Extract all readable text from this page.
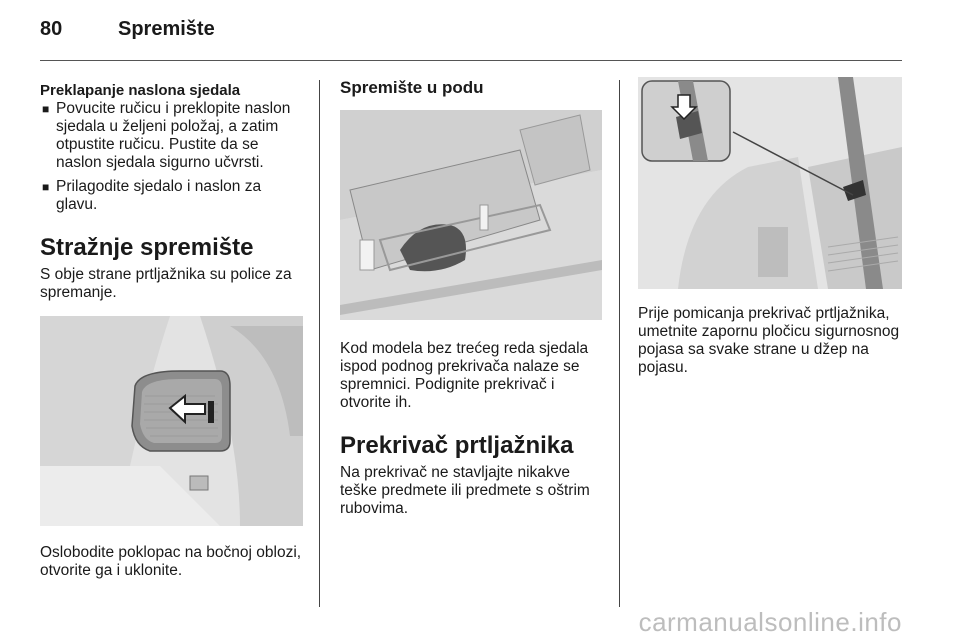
80	Spremište
Preklapanje naslona sjedala
■ Povucite ručicu i preklopite naslon sjedala u željeni položaj, a zatim otpustite ručicu. Pustite da se naslon sjedala sigurno učvrsti.
■ Prilagodite sjedalo i naslon za glavu.
Stražnje spremište

S obje strane prtljažnika su police za spremanje.

Oslobodite poklopac na bočnoj oblozi, otvorite ga i uklonite.

Spremište u podu

Kod modela bez trećeg reda sjedala ispod podnog prekrivača nalaze se spremnici. Podignite prekrivač i otvorite ih.

Prekrivač prtljažnika

Na prekrivač ne stavljajte nikakve teške predmete ili predmete s oštrim rubovima.

Prije pomicanja prekrivač prtljažnika, umetnite zapornu pločicu sigurnosnog pojasa sa svake strane u džep na pojasu.

carmanualsonline.info
